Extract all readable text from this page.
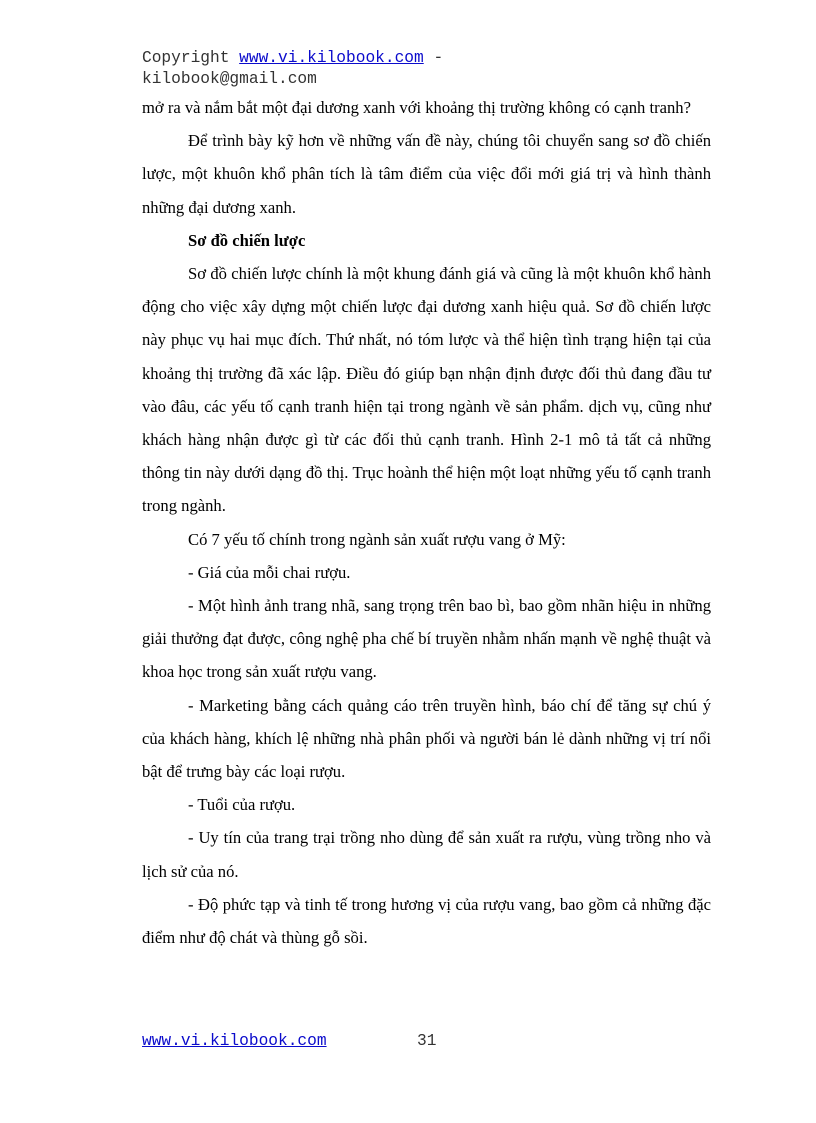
Copyright www.vi.kilobook.com -
kilobook@gmail.com

mở ra và nắm bắt một đại dương xanh với khoảng thị trường không có cạnh tranh?

Để trình bày kỹ hơn về những vấn đề này, chúng tôi chuyển sang sơ đồ chiến lược, một khuôn khổ phân tích là tâm điểm của việc đổi mới giá trị và hình thành những đại dương xanh.

Sơ đồ chiến lược

Sơ đồ chiến lược chính là một khung đánh giá và cũng là một khuôn khổ hành động cho việc xây dựng một chiến lược đại dương xanh hiệu quả. Sơ đồ chiến lược này phục vụ hai mục đích. Thứ nhất, nó tóm lược và thể hiện tình trạng hiện tại của khoảng thị trường đã xác lập. Điều đó giúp bạn nhận định được đối thủ đang đầu tư vào đâu, các yếu tố cạnh tranh hiện tại trong ngành về sản phẩm. dịch vụ, cũng như khách hàng nhận được gì từ các đối thủ cạnh tranh. Hình 2-1 mô tả tất cả những thông tin này dưới dạng đồ thị. Trục hoành thể hiện một loạt những yếu tố cạnh tranh trong ngành.

Có 7 yếu tố chính trong ngành sản xuất rượu vang ở Mỹ:

- Giá của mỗi chai rượu.

- Một hình ảnh trang nhã, sang trọng trên bao bì, bao gồm nhãn hiệu in những giải thưởng đạt được, công nghệ pha chế bí truyền nhằm nhấn mạnh về nghệ thuật và khoa học trong sản xuất rượu vang.

- Marketing bằng cách quảng cáo trên truyền hình, báo chí để tăng sự chú ý của khách hàng, khích lệ những nhà phân phối và người bán lẻ dành những vị trí nổi bật để trưng bày các loại rượu.

- Tuổi của rượu.

- Uy tín của trang trại trồng nho dùng để sản xuất ra rượu, vùng trồng nho và lịch sử của nó.

- Độ phức tạp và tinh tế trong hương vị của rượu vang, bao gồm cả những đặc điểm như độ chát và thùng gỗ sồi.

www.vi.kilobook.com	31
